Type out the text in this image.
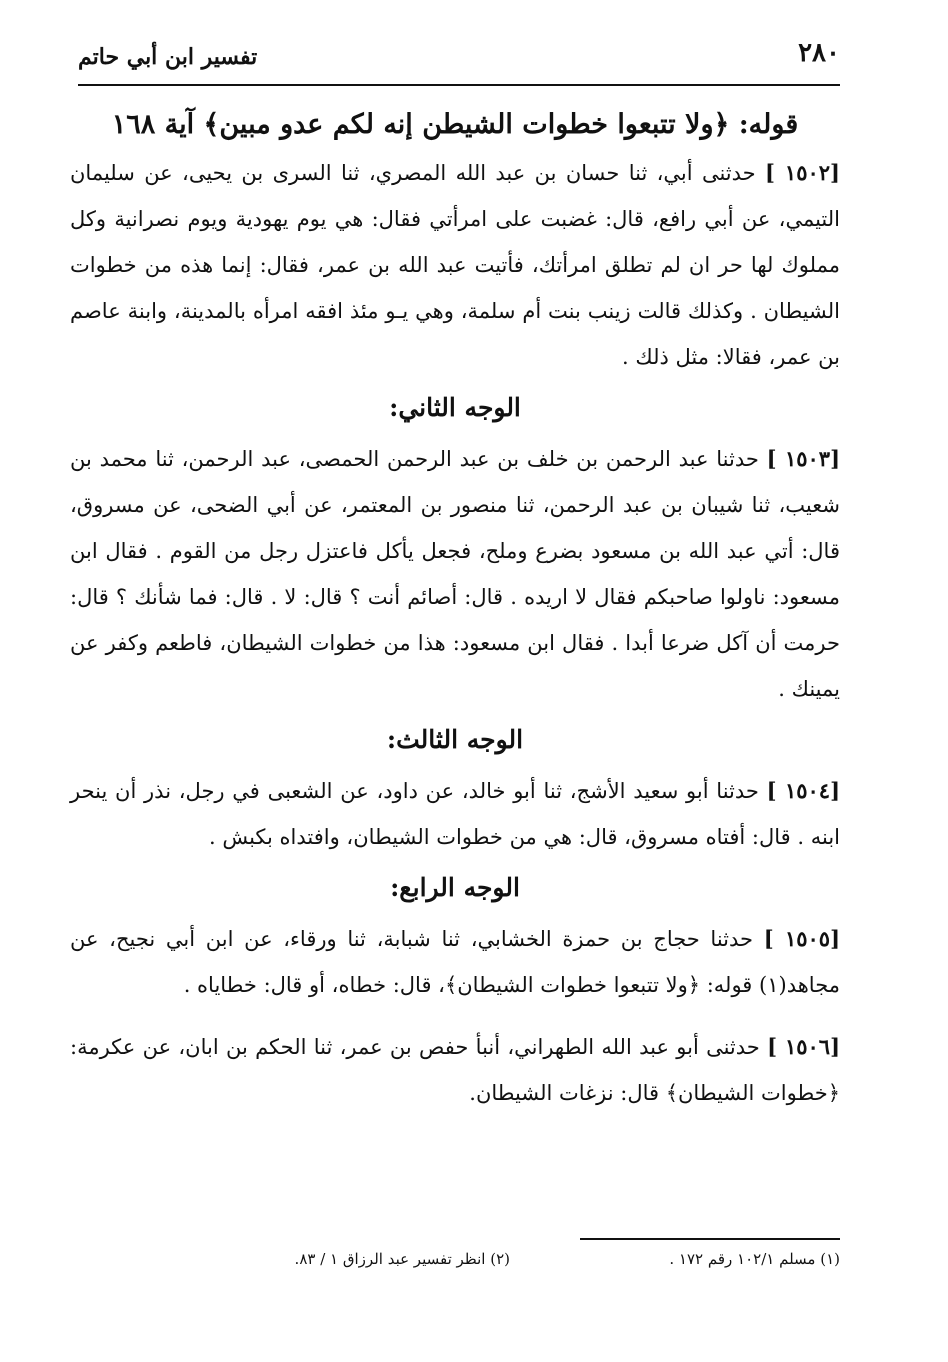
٢٨٠
تفسير ابن أبي حاتم
قوله: ﴿ولا تتبعوا خطوات الشيطن إنه لكم عدو مبين﴾ آية ١٦٨

[١٥٠٢ ] حدثنى أبي، ثنا حسان بن عبد الله المصري، ثنا السرى بن يحيى، عن سليمان التيمي، عن أبي رافع، قال: غضبت على امرأتي فقال: هي يوم يهودية ويوم نصرانية وكل مملوك لها حر ان لم تطلق امرأتك، فأتيت عبد الله بن عمر، فقال: إنما هذه من خطوات الشيطان . وكذلك قالت زينب بنت أم سلمة، وهي يـو مئذ افقه امرأه بالمدينة، وابنة عاصم بن عمر، فقالا: مثل ذلك .

الوجه الثاني:

[١٥٠٣ ] حدثنا عبد الرحمن بن خلف بن عبد الرحمن الحمصى، عبد الرحمن، ثنا محمد بن شعيب، ثنا شيبان بن عبد الرحمن، ثنا منصور بن المعتمر، عن أبي الضحى، عن مسروق، قال: أتي عبد الله بن مسعود بضرع وملح، فجعل يأكل فاعتزل رجل من القوم . فقال ابن مسعود: ناولوا صاحبكم فقال لا اريده . قال: أصائم أنت ؟ قال: لا . قال: فما شأنك ؟ قال: حرمت أن آكل ضرعا أبدا . فقال ابن مسعود: هذا من خطوات الشيطان، فاطعم وكفر عن يمينك .

الوجه الثالث:

[١٥٠٤ ] حدثنا أبو سعيد الأشج، ثنا أبو خالد، عن داود، عن الشعبى في رجل، نذر أن ينحر ابنه . قال: أفتاه مسروق، قال: هي من خطوات الشيطان، وافتداه بكبش .

الوجه الرابع:

[١٥٠٥ ] حدثنا حجاج بن حمزة الخشابي، ثنا شبابة، ثنا ورقاء، عن ابن أبي نجيح، عن مجاهد(١) قوله: ﴿ولا تتبعوا خطوات الشيطان﴾، قال: خطاه، أو قال: خطاياه .

[١٥٠٦ ] حدثنى أبو عبد الله الطهراني، أنبأ حفص بن عمر، ثنا الحكم بن ابان، عن عكرمة: ﴿خطوات الشيطان﴾ قال: نزغات الشيطان.

(١) مسلم ١٠٢/١ رقم ١٧٢ .
(٢) انظر تفسير عبد الرزاق ١ / ٨٣.
